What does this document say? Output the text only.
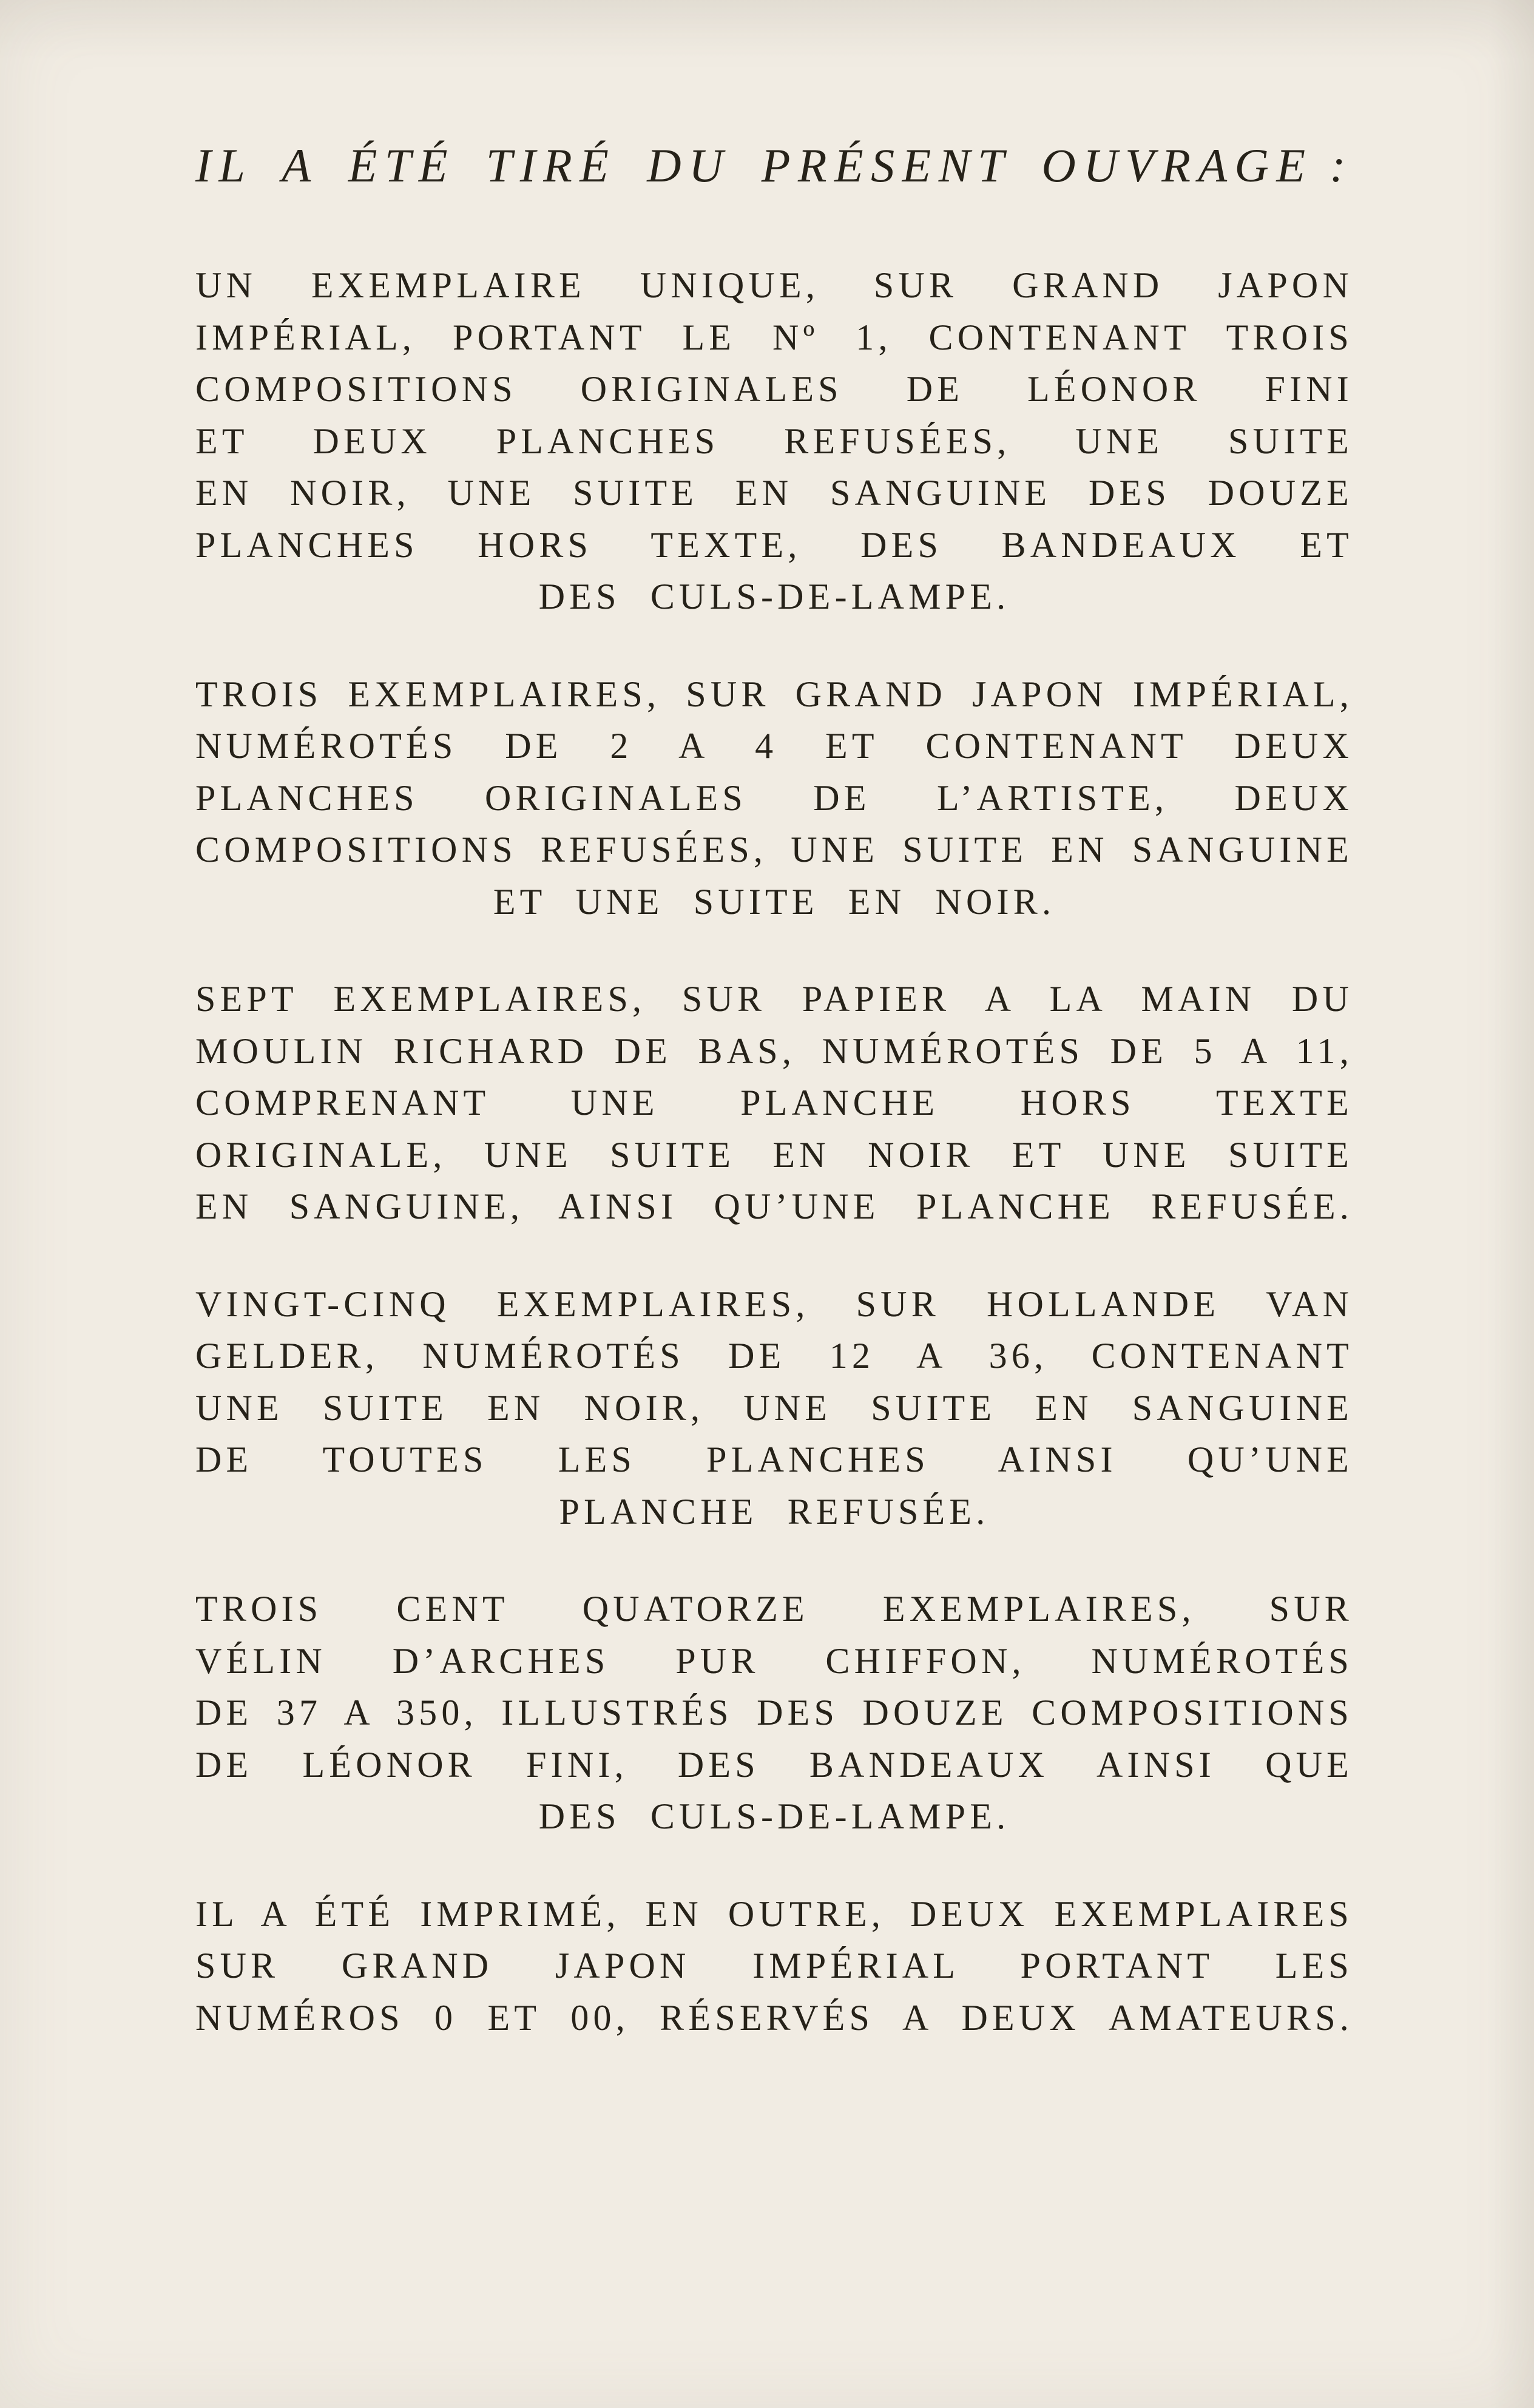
IL A ÉTÉ TIRÉ DU PRÉSENT OUVRAGE :
UN EXEMPLAIRE UNIQUE, SUR GRAND JAPON
IMPÉRIAL, PORTANT LE Nº 1, CONTENANT TROIS
COMPOSITIONS ORIGINALES DE LÉONOR FINI
ET DEUX PLANCHES REFUSÉES, UNE SUITE
EN NOIR, UNE SUITE EN SANGUINE DES DOUZE
PLANCHES HORS TEXTE, DES BANDEAUX ET
DES CULS-DE-LAMPE.
TROIS EXEMPLAIRES, SUR GRAND JAPON IMPÉRIAL,
NUMÉROTÉS DE 2 A 4 ET CONTENANT DEUX
PLANCHES ORIGINALES DE L’ARTISTE, DEUX
COMPOSITIONS REFUSÉES, UNE SUITE EN SANGUINE
ET UNE SUITE EN NOIR.
SEPT EXEMPLAIRES, SUR PAPIER A LA MAIN DU
MOULIN RICHARD DE BAS, NUMÉROTÉS DE 5 A 11,
COMPRENANT UNE PLANCHE HORS TEXTE
ORIGINALE, UNE SUITE EN NOIR ET UNE SUITE
EN SANGUINE, AINSI QU’UNE PLANCHE REFUSÉE.
VINGT-CINQ EXEMPLAIRES, SUR HOLLANDE VAN
GELDER, NUMÉROTÉS DE 12 A 36, CONTENANT
UNE SUITE EN NOIR, UNE SUITE EN SANGUINE
DE TOUTES LES PLANCHES AINSI QU’UNE
PLANCHE REFUSÉE.
TROIS CENT QUATORZE EXEMPLAIRES, SUR
VÉLIN D’ARCHES PUR CHIFFON, NUMÉROTÉS
DE 37 A 350, ILLUSTRÉS DES DOUZE COMPOSITIONS
DE LÉONOR FINI, DES BANDEAUX AINSI QUE
DES CULS-DE-LAMPE.
IL A ÉTÉ IMPRIMÉ, EN OUTRE, DEUX EXEMPLAIRES
SUR GRAND JAPON IMPÉRIAL PORTANT LES
NUMÉROS 0 ET 00, RÉSERVÉS A DEUX AMATEURS.
